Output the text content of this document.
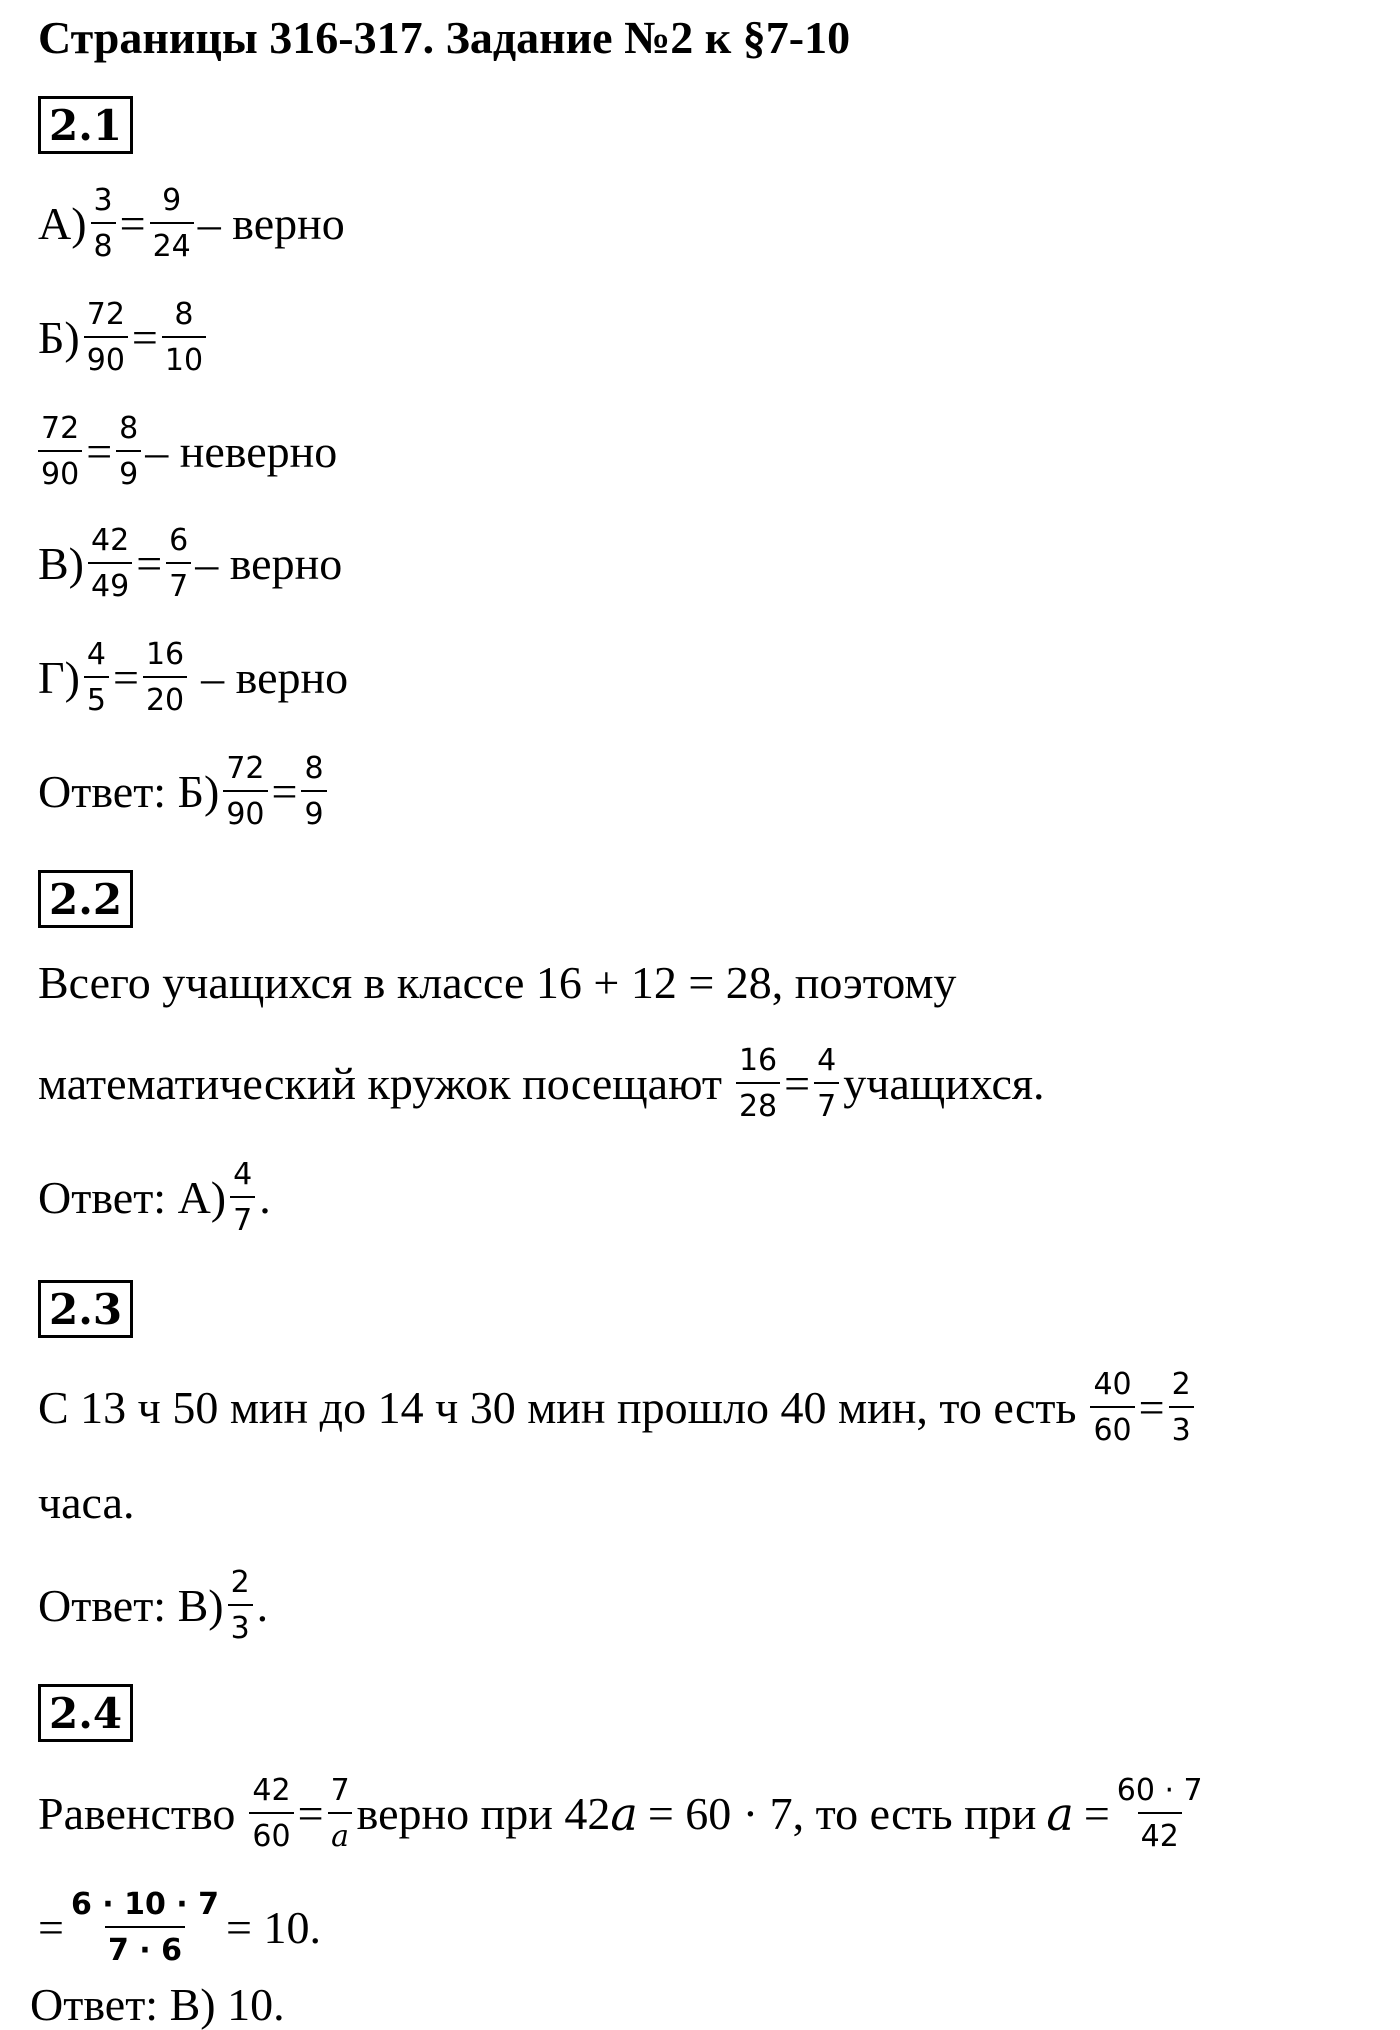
Страницы 316-317. Задание №2 к §7-10
2.1
$А) \frac{3}{8} = \frac{9}{24}$ – верно
$Б) \frac{72}{90} = \frac{8}{10}$
$\frac{72}{90} = \frac{8}{9}$ – неверно
$В) \frac{42}{49} = \frac{6}{7}$ – верно
$Г) \frac{4}{5} = \frac{16}{20}$ – верно
Ответ: $Б) \frac{72}{90} = \frac{8}{9}$
2.2
Всего учащихся в классе 16 + 12 = 28, поэтому
математический кружок посещают $\frac{16}{28} = \frac{4}{7}$ учащихся.
Ответ: $А) \frac{4}{7}$ .
2.3
С 13 ч 50 мин до 14 ч 30 мин прошло 40 мин, то есть $\frac{40}{60} = \frac{2}{3}$
часа.
Ответ: $В) \frac{2}{3}$ .
2.4
Равенство $\frac{42}{60} = \frac{7}{a}$ верно при 42 a = 60 · 7, то есть при $a = \frac{60 \cdot 7}{42}$
= $\frac{6 \cdot 10 \cdot 7}{7 \cdot 6} = 10$.
Ответ: В) 10.
